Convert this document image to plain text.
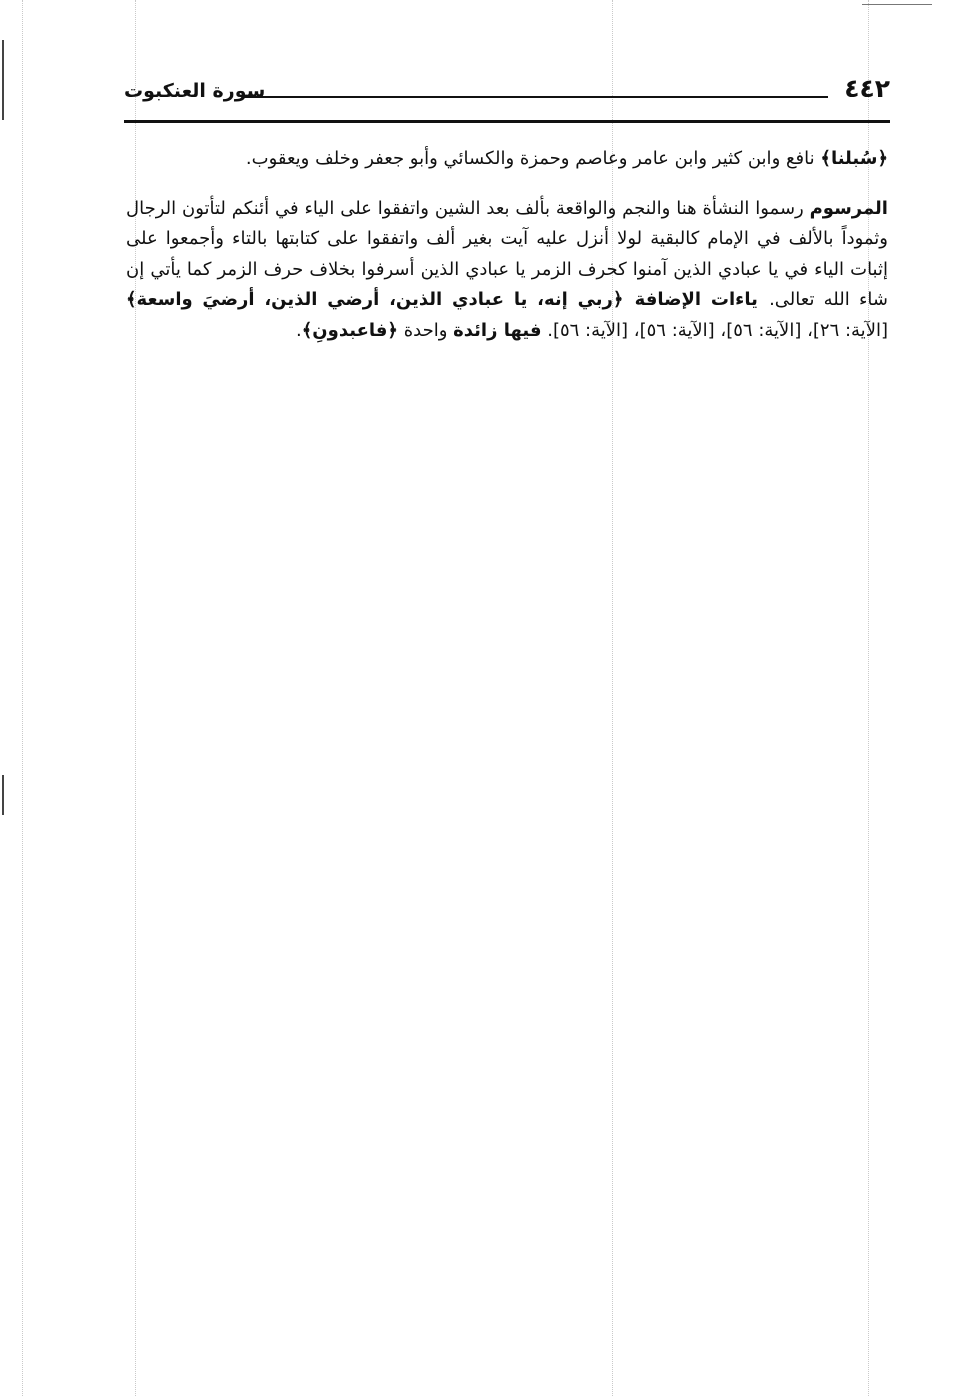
٤٤٢
سورة العنكبوت

﴿سُبلنا﴾ نافع وابن كثير وابن عامر وعاصم وحمزة والكسائي وأبو جعفر وخلف ويعقوب.

المرسوم رسموا النشأة هنا والنجم والواقعة بألف بعد الشين واتفقوا على الياء في أئنكم لتأتون الرجال وثموداً بالألف في الإمام كالبقية لولا أنزل عليه آيت بغير ألف واتفقوا على كتابتها بالتاء وأجمعوا على إثبات الياء في يا عبادي الذين آمنوا كحرف الزمر يا عبادي الذين أسرفوا بخلاف حرف الزمر كما يأتي إن شاء الله تعالى. ياءات الإضافة ﴿ربي إنه، يا عبادي الذين، أرضي الذين، أرضيَ واسعة﴾ [الآية: ٢٦]، [الآية: ٥٦]، [الآية: ٥٦]، [الآية: ٥٦]. فيها زائدة واحدة ﴿فاعبدونِ﴾.
